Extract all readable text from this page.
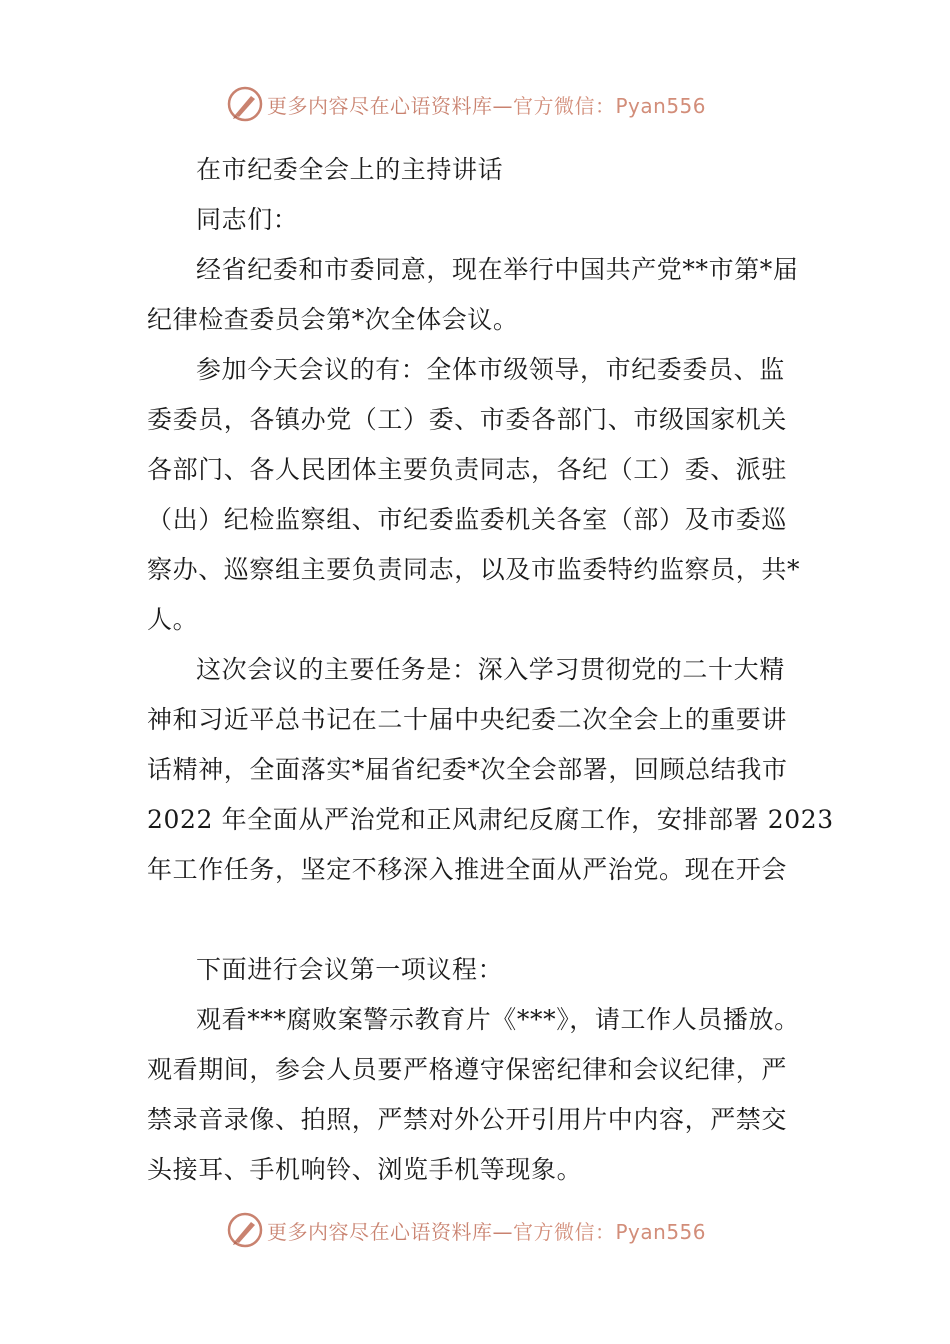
更多内容尽在心语资料库—官方微信：Pyan556

在市纪委全会上的主持讲话

同志们：

经省纪委和市委同意，现在举行中国共产党**市第*届

纪律检查委员会第*次全体会议。

参加今天会议的有：全体市级领导，市纪委委员、监

委委员，各镇办党（工）委、市委各部门、市级国家机关

各部门、各人民团体主要负责同志，各纪（工）委、派驻

（出）纪检监察组、市纪委监委机关各室（部）及市委巡

察办、巡察组主要负责同志，以及市监委特约监察员，共*

人。

这次会议的主要任务是：深入学习贯彻党的二十大精

神和习近平总书记在二十届中央纪委二次全会上的重要讲

话精神，全面落实*届省纪委*次全会部署，回顾总结我市

2022 年全面从严治党和正风肃纪反腐工作，安排部署 2023

年工作任务，坚定不移深入推进全面从严治党。现在开会

下面进行会议第一项议程：

观看***腐败案警示教育片《***》，请工作人员播放。

观看期间，参会人员要严格遵守保密纪律和会议纪律，严

禁录音录像、拍照，严禁对外公开引用片中内容，严禁交

头接耳、手机响铃、浏览手机等现象。

更多内容尽在心语资料库—官方微信：Pyan556
